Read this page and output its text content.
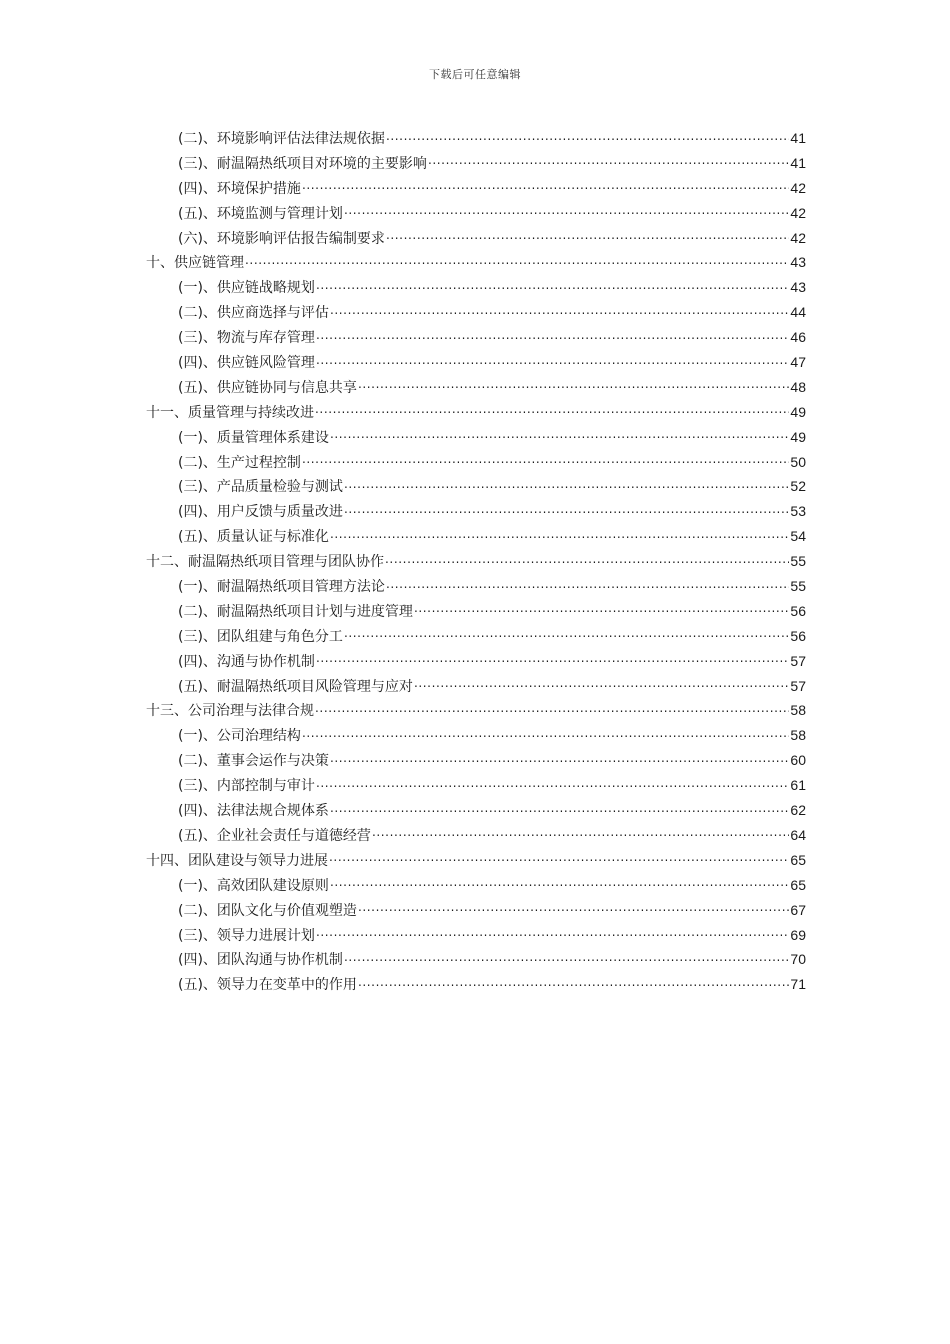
下载后可任意编辑
(二)、环境影响评估法律法规依据 .....	41
(三)、耐温隔热纸项目对环境的主要影响 .....	41
(四)、环境保护措施 .....	42
(五)、环境监测与管理计划 .....	42
(六)、环境影响评估报告编制要求 .....	42
十、供应链管理 .....	43
(一)、供应链战略规划 .....	43
(二)、供应商选择与评估 .....	44
(三)、物流与库存管理 .....	46
(四)、供应链风险管理 .....	47
(五)、供应链协同与信息共享 .....	48
十一、质量管理与持续改进 .....	49
(一)、质量管理体系建设 .....	49
(二)、生产过程控制 .....	50
(三)、产品质量检验与测试 .....	52
(四)、用户反馈与质量改进 .....	53
(五)、质量认证与标准化 .....	54
十二、耐温隔热纸项目管理与团队协作 .....	55
(一)、耐温隔热纸项目管理方法论 .....	55
(二)、耐温隔热纸项目计划与进度管理 .....	56
(三)、团队组建与角色分工 .....	56
(四)、沟通与协作机制 .....	57
(五)、耐温隔热纸项目风险管理与应对 .....	57
十三、公司治理与法律合规 .....	58
(一)、公司治理结构 .....	58
(二)、董事会运作与决策 .....	60
(三)、内部控制与审计 .....	61
(四)、法律法规合规体系 .....	62
(五)、企业社会责任与道德经营 .....	64
十四、团队建设与领导力进展 .....	65
(一)、高效团队建设原则 .....	65
(二)、团队文化与价值观塑造 .....	67
(三)、领导力进展计划 .....	69
(四)、团队沟通与协作机制 .....	70
(五)、领导力在变革中的作用 .....	71
